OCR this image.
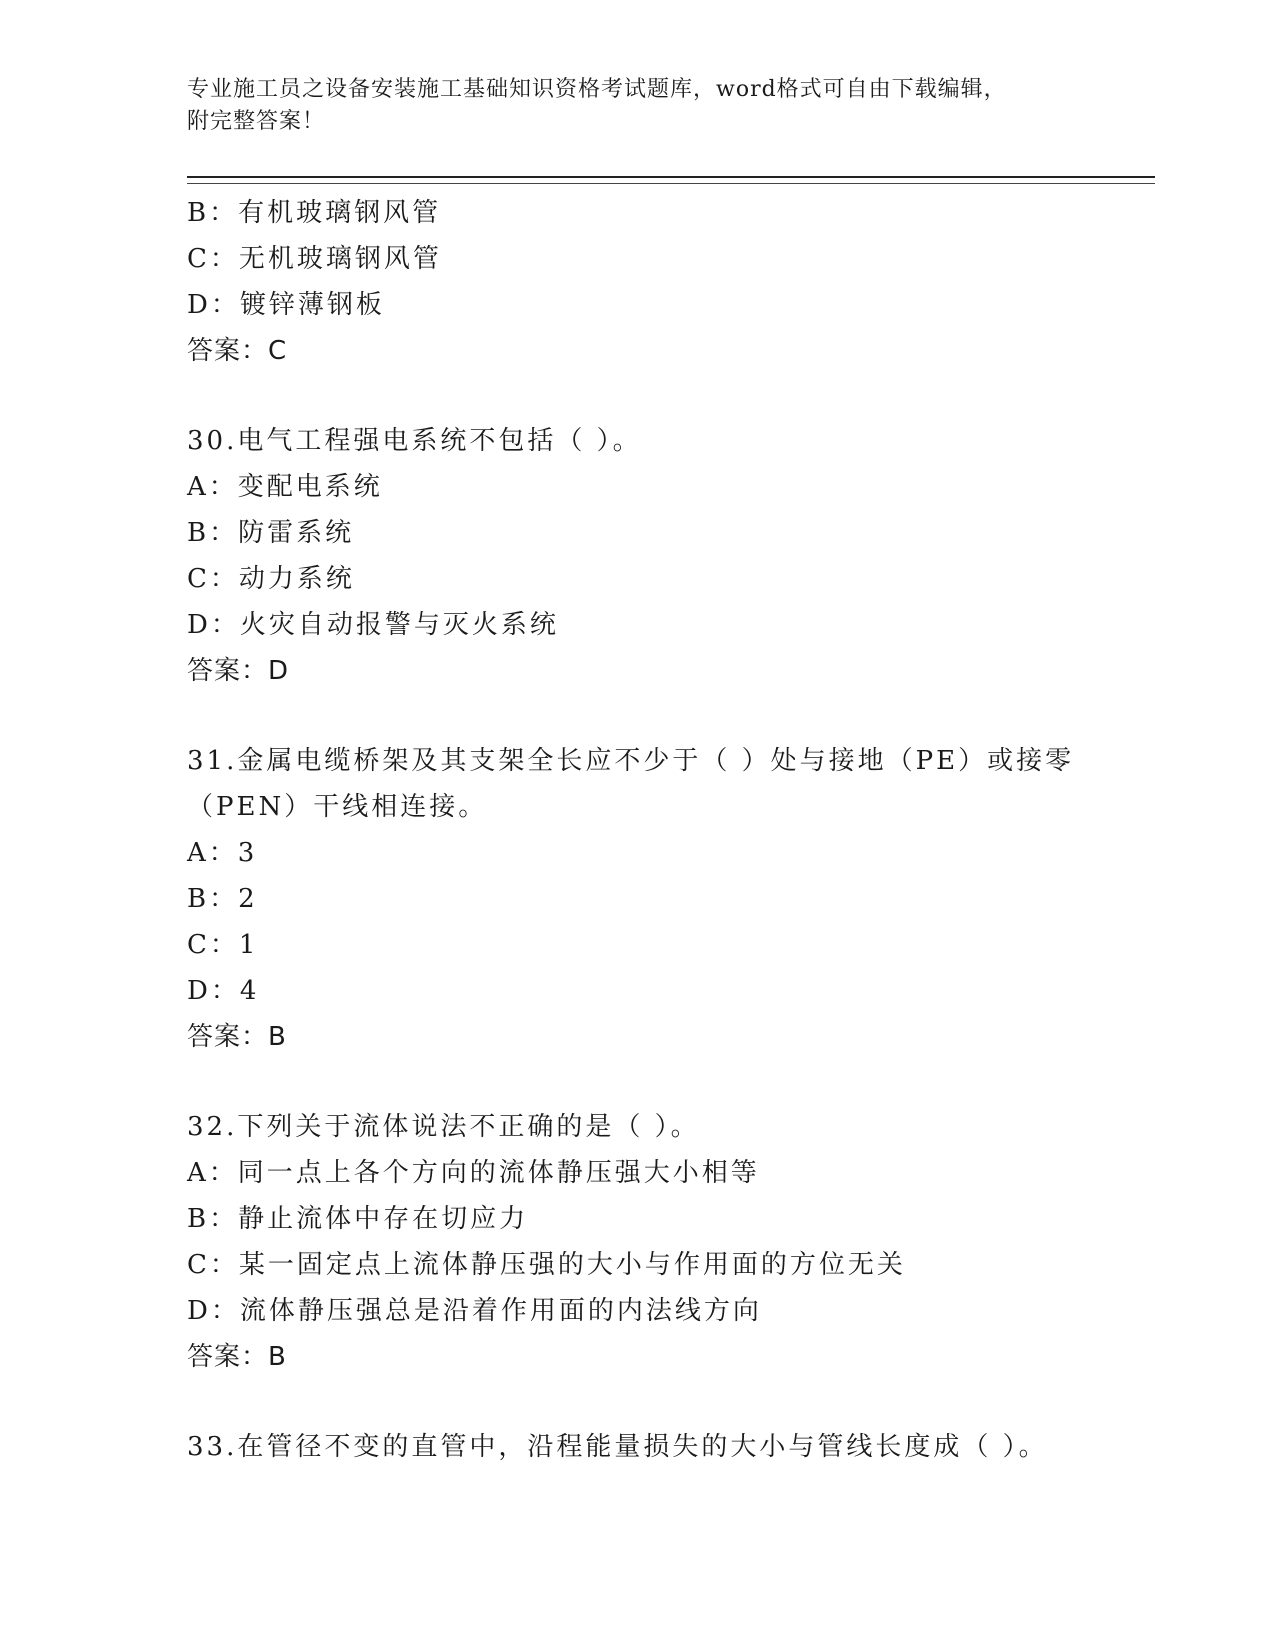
专业施工员之设备安装施工基础知识资格考试题库，word格式可自由下载编辑，
附完整答案！
B：有机玻璃钢风管
C：无机玻璃钢风管
D：镀锌薄钢板
答案：C
30.电气工程强电系统不包括（ ）。
A：变配电系统
B：防雷系统
C：动力系统
D：火灾自动报警与灭火系统
答案：D
31.金属电缆桥架及其支架全长应不少于（ ）处与接地（PE）或接零
（PEN）干线相连接。
A：3
B：2
C：1
D：4
答案：B
32.下列关于流体说法不正确的是（ ）。
A：同一点上各个方向的流体静压强大小相等
B：静止流体中存在切应力
C：某一固定点上流体静压强的大小与作用面的方位无关
D：流体静压强总是沿着作用面的内法线方向
答案：B
33.在管径不变的直管中，沿程能量损失的大小与管线长度成（ ）。
